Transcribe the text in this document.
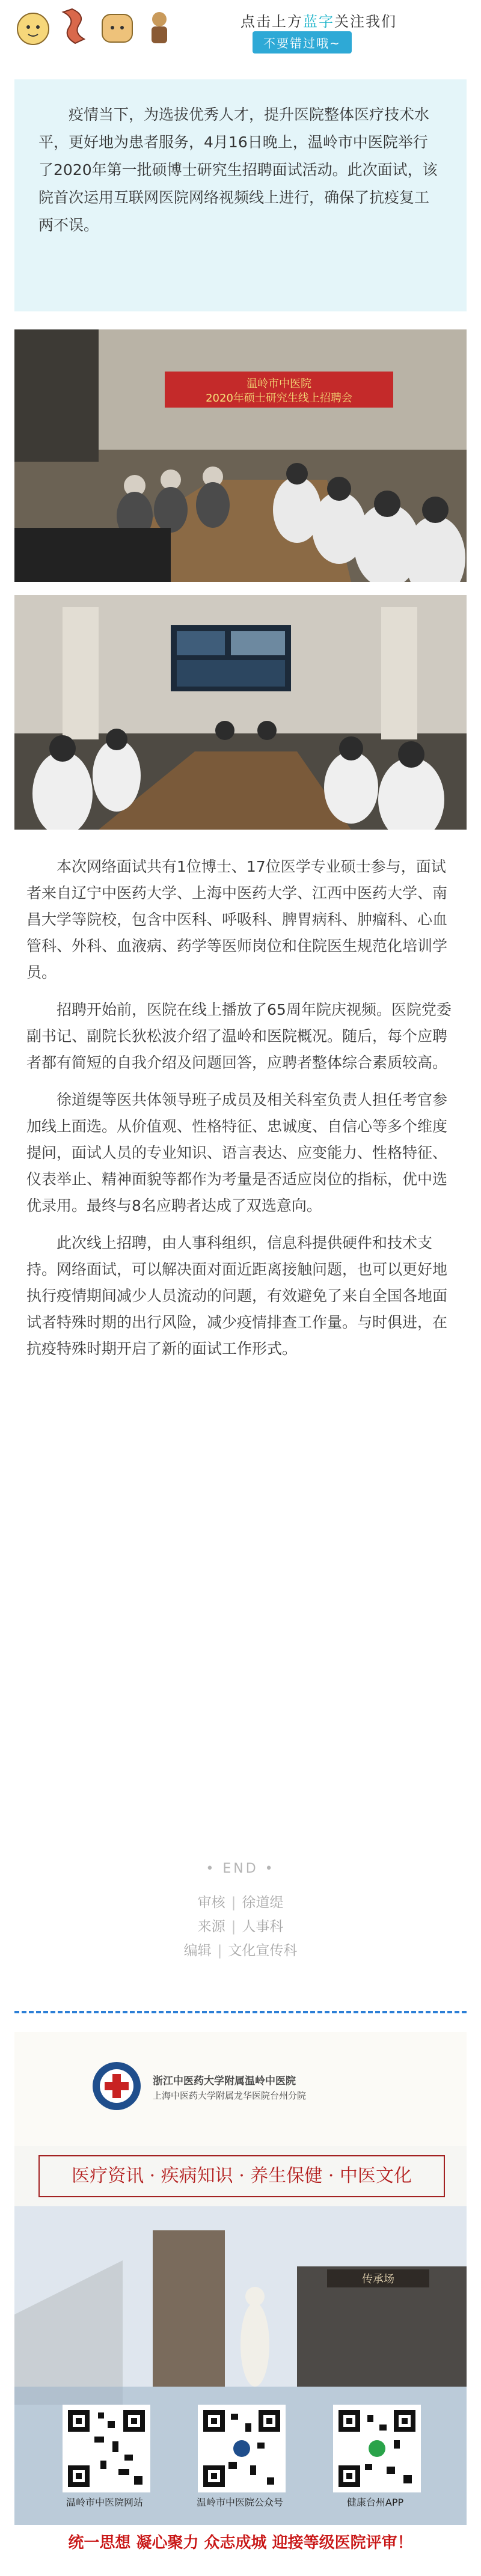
点击上方蓝字关注我们
不要错过哦~

疫情当下，为选拔优秀人才，提升医院整体医疗技术水平，更好地为患者服务，4月16日晚上，温岭市中医院举行了2020年第一批硕博士研究生招聘面试活动。此次面试，该院首次运用互联网医院网络视频线上进行，确保了抗疫复工两不误。

温岭市中医院
2020年硕士研究生线上招聘会

本次网络面试共有1位博士、17位医学专业硕士参与，面试者来自辽宁中医药大学、上海中医药大学、江西中医药大学、南昌大学等院校，包含中医科、呼吸科、脾胃病科、肿瘤科、心血管科、外科、血液病、药学等医师岗位和住院医生规范化培训学员。

招聘开始前，医院在线上播放了65周年院庆视频。医院党委副书记、副院长狄松波介绍了温岭和医院概况。随后，每个应聘者都有简短的自我介绍及问题回答，应聘者整体综合素质较高。

徐道缇等医共体领导班子成员及相关科室负责人担任考官参加线上面选。从价值观、性格特征、忠诚度、自信心等多个维度提问，面试人员的专业知识、语言表达、应变能力、性格特征、仪表举止、精神面貌等都作为考量是否适应岗位的指标，优中选优录用。最终与8名应聘者达成了双选意向。

此次线上招聘，由人事科组织，信息科提供硬件和技术支持。网络面试，可以解决面对面近距离接触问题，也可以更好地执行疫情期间减少人员流动的问题，有效避免了来自全国各地面试者特殊时期的出行风险，减少疫情排查工作量。与时俱进，在抗疫特殊时期开启了新的面试工作形式。

• END •
审核 | 徐道缇
来源 | 人事科
编辑 | 文化宣传科
传承场
浙江中医药大学附属温岭中医院
上海中医药大学附属龙华医院台州分院
医疗资讯 · 疾病知识 · 养生保健 · 中医文化
温岭市中医院网站	温岭市中医院公众号	健康台州APP
统一思想 凝心聚力 众志成城 迎接等级医院评审！
